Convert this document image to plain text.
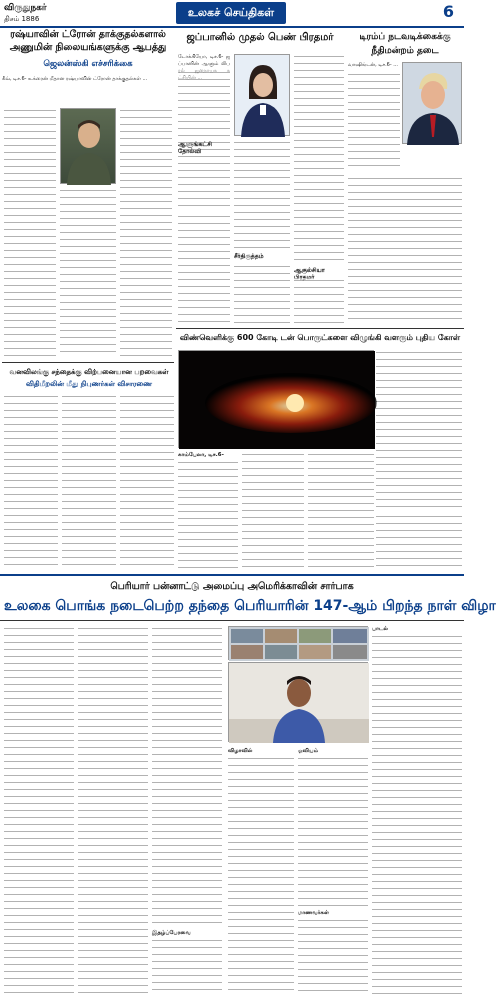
விருதுநகர்
திசம் 1886	உலகச் செய்திகள்	6
ரஷ்யாவின் ட்ரோன் தாக்குதல்களால்
அணுமின் நிலையங்களுக்கு ஆபத்து
ஜெலன்ஸ்கி எச்சரிக்கை
கீவ், டிச.6- உக்ரைன் மீதான ரஷ்யாவின் ட்ரோன் தாக்குதல்கள் ...
ஜப்பானில் முதல் பெண் பிரதமர்
டோக்கியோ, டிச.6- ஜப்பானின் ஆளும் லிபரல் ஜனநாயக கட்சியின் ...
ஆளுங்கட்சி தோல்வி
சீர்திருத்தம்
ஆகுல்சியா பிரதமர்
டிரம்ப் நடவடிக்கைக்கு
நீதிமன்றம் தடை
வாஷிங்டன், டிச.6- ...
விண்வெளிக்கு 600 கோடி டன் பொருட்களை விழுங்கி வளரும் புதிய கோள்
காம்பேலா, டிச.6-
வனவிலங்கு சந்தைக்கு விற்பனையான பறவைகள்
விதிமீறலின் மீது நிபுணர்கள் விசாரணை
பெரியார் பன்னாட்டு அமைப்பு அமெரிக்காவின் சார்பாக
உலகை பொங்க நடைபெற்ற தந்தை பெரியாரின் 147-ஆம் பிறந்த நாள் விழா
இதழ்ப்பேரவை
விழாவில்	ஓவியம்
மாணவர்கள்
பாடல்
